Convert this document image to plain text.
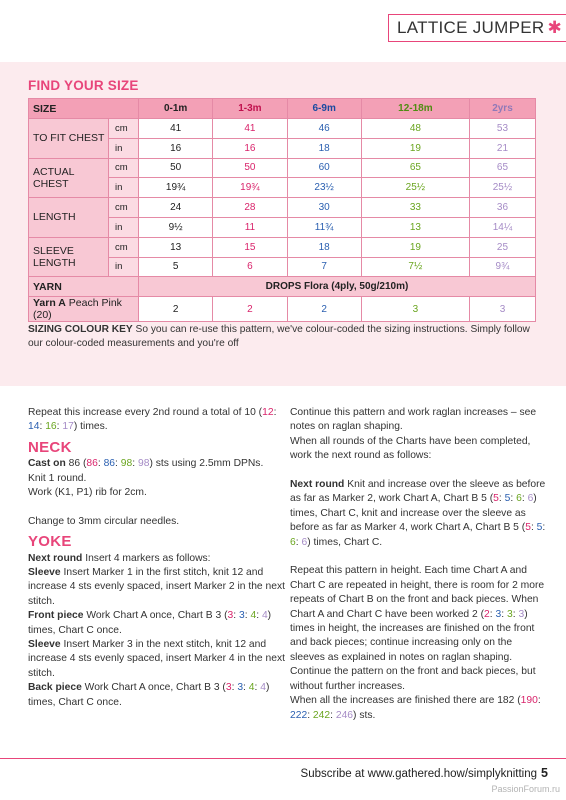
LATTICE JUMPER ✱
FIND YOUR SIZE
SIZE		0-1m	1-3m	6-9m	12-18m	2yrs
TO FIT CHEST	cm	41	41	46	48	53
	in	16	16	18	19	21
ACTUAL CHEST	cm	50	50	60	65	65
	in	19¾	19¾	23½	25½	25½
LENGTH	cm	24	28	30	33	36
	in	9½	11	11¾	13	14¼
SLEEVE LENGTH	cm	13	15	18	19	25
	in	5	6	7	7½	9¾
YARN		DROPS Flora (4ply, 50g/210m)				
Yarn A Peach Pink (20)		2	2	2	3	3
SIZING COLOUR KEY So you can re-use this pattern, we've colour-coded the sizing instructions. Simply follow our colour-coded measurements and you're off

Repeat this increase every 2nd round a total of 10 (12: 14: 16: 17) times.

NECK

Cast on 86 (86: 86: 98: 98) sts using 2.5mm DPNs.

Knit 1 round.

Work (K1, P1) rib for 2cm.

Change to 3mm circular needles.

YOKE

Next round Insert 4 markers as follows:

Sleeve Insert Marker 1 in the first stitch, knit 12 and increase 4 sts evenly spaced, insert Marker 2 in the next stitch.

Front piece Work Chart A once, Chart B 3 (3: 3: 4: 4) times, Chart C once.

Sleeve Insert Marker 3 in the next stitch, knit 12 and increase 4 sts evenly spaced, insert Marker 4 in the next stitch.

Back piece Work Chart A once, Chart B 3 (3: 3: 4: 4) times, Chart C once.

Continue this pattern and work raglan increases – see notes on raglan shaping.

When all rounds of the Charts have been completed, work the next round as follows:

Next round Knit and increase over the sleeve as before as far as Marker 2, work Chart A, Chart B 5 (5: 5: 6: 6) times, Chart C, knit and increase over the sleeve as before as far as Marker 4, work Chart A, Chart B 5 (5: 5: 6: 6) times, Chart C.

Repeat this pattern in height. Each time Chart A and Chart C are repeated in height, there is room for 2 more repeats of Chart B on the front and back pieces. When Chart A and Chart C have been worked 2 (2: 3: 3: 3) times in height, the increases are finished on the front and back pieces; continue increasing only on the sleeves as explained in notes on raglan shaping. Continue the pattern on the front and back pieces, but without further increases.

When all the increases are finished there are 182 (190: 222: 242: 246) sts.

Subscribe at www.gathered.how/simplyknitting 5
PassionForum.ru
